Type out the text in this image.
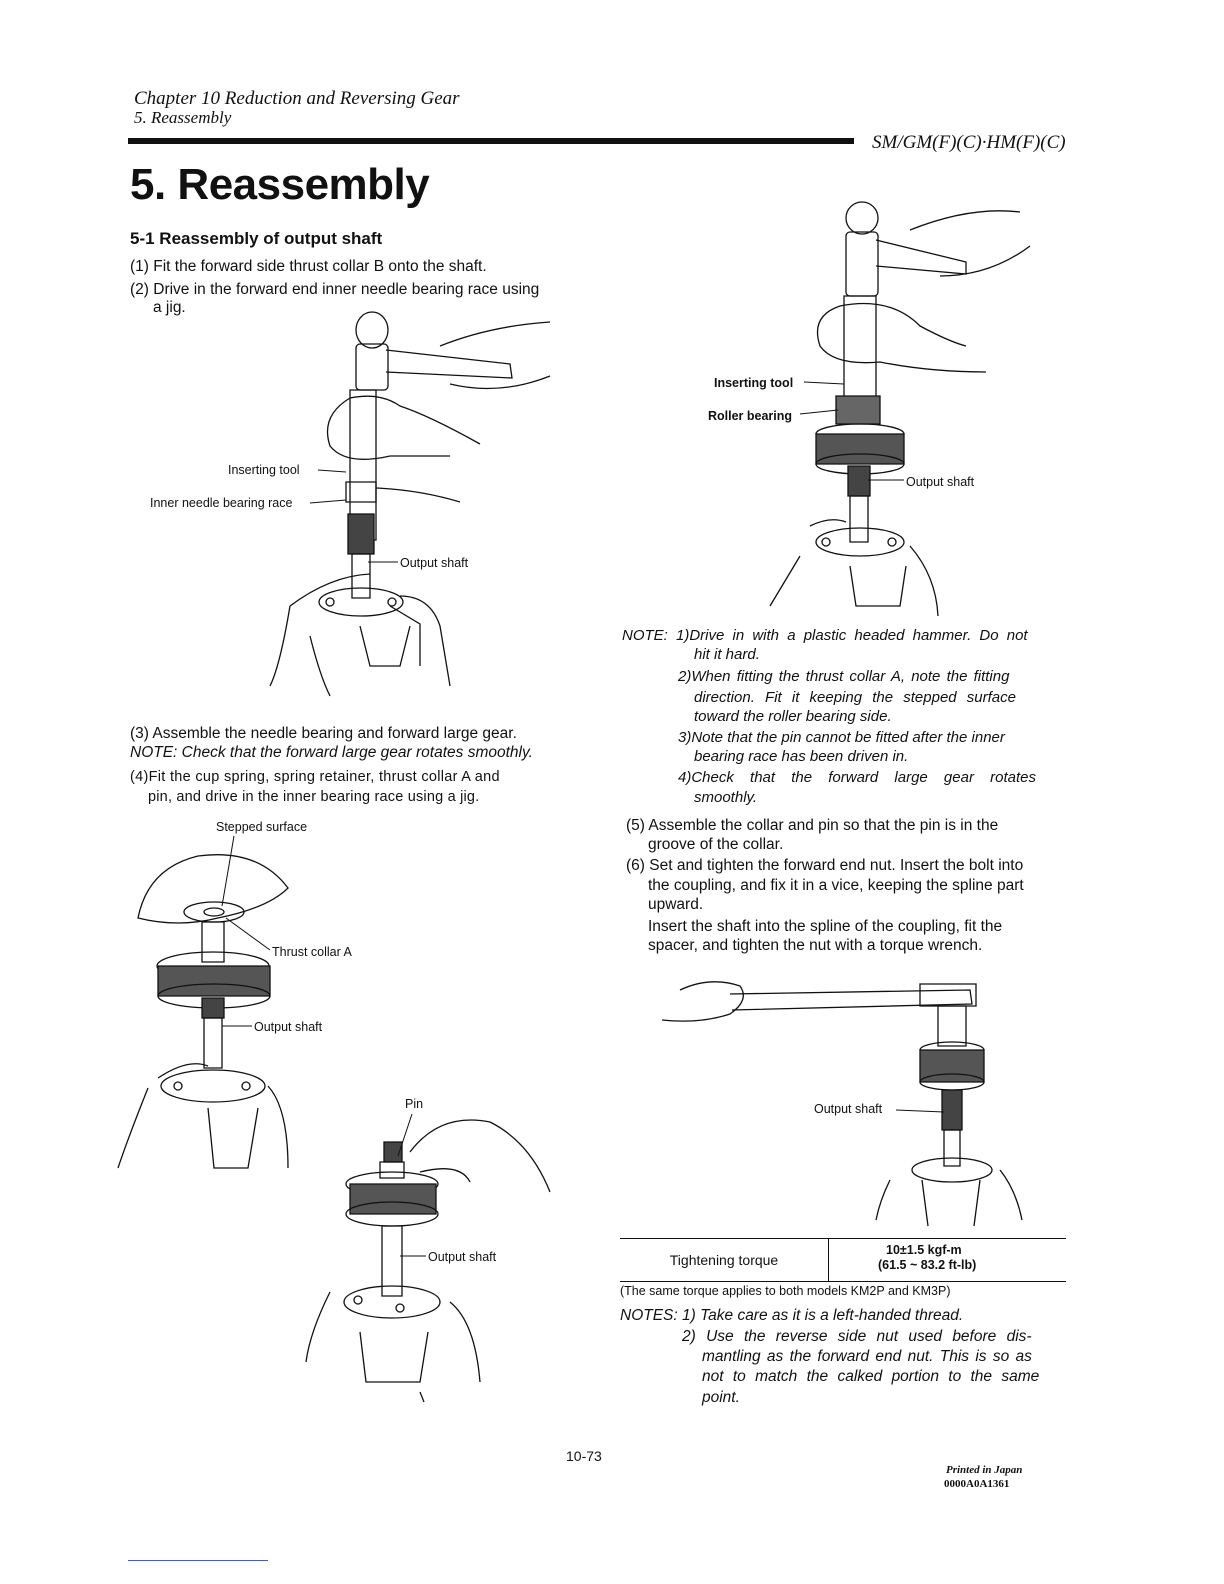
Chapter 10 Reduction and Reversing Gear
5. Reassembly
SM/GM(F)(C)·HM(F)(C)
5. Reassembly
5-1 Reassembly of output shaft
(1) Fit the forward side thrust collar B onto the shaft.
(2) Drive in the forward end inner needle bearing race using
a jig.
Inserting tool
Inner needle bearing race
Output shaft
(3) Assemble the needle bearing and forward large gear.
NOTE: Check that the forward large gear rotates smoothly.
(4)Fit the cup spring, spring retainer, thrust collar A and
pin, and drive in the inner bearing race using a jig.
Stepped surface
Thrust collar A
Output shaft
Pin
Output shaft
Inserting tool
Roller bearing
Output shaft
NOTE: 1)Drive in with a plastic headed hammer. Do not
hit it hard.
2)When fitting the thrust collar A, note the fitting
direction. Fit it keeping the stepped surface
toward the roller bearing side.
3)Note that the pin cannot be fitted after the inner
bearing race has been driven in.
4)Check that the forward large gear rotates
smoothly.
(5) Assemble the collar and pin so that the pin is in the
groove of the collar.
(6) Set and tighten the forward end nut. Insert the bolt into
the coupling, and fix it in a vice, keeping the spline part
upward.
Insert the shaft into the spline of the coupling, fit the
spacer, and tighten the nut with a torque wrench.
Output shaft
Tightening torque
10±1.5 kgf-m
(61.5 ~ 83.2 ft-lb)
(The same torque applies to both models KM2P and KM3P)
NOTES: 1) Take care as it is a left-handed thread.
2) Use the reverse side nut used before dis-
mantling as the forward end nut. This is so as
not to match the calked portion to the same
point.
10-73
Printed in Japan
0000A0A1361
